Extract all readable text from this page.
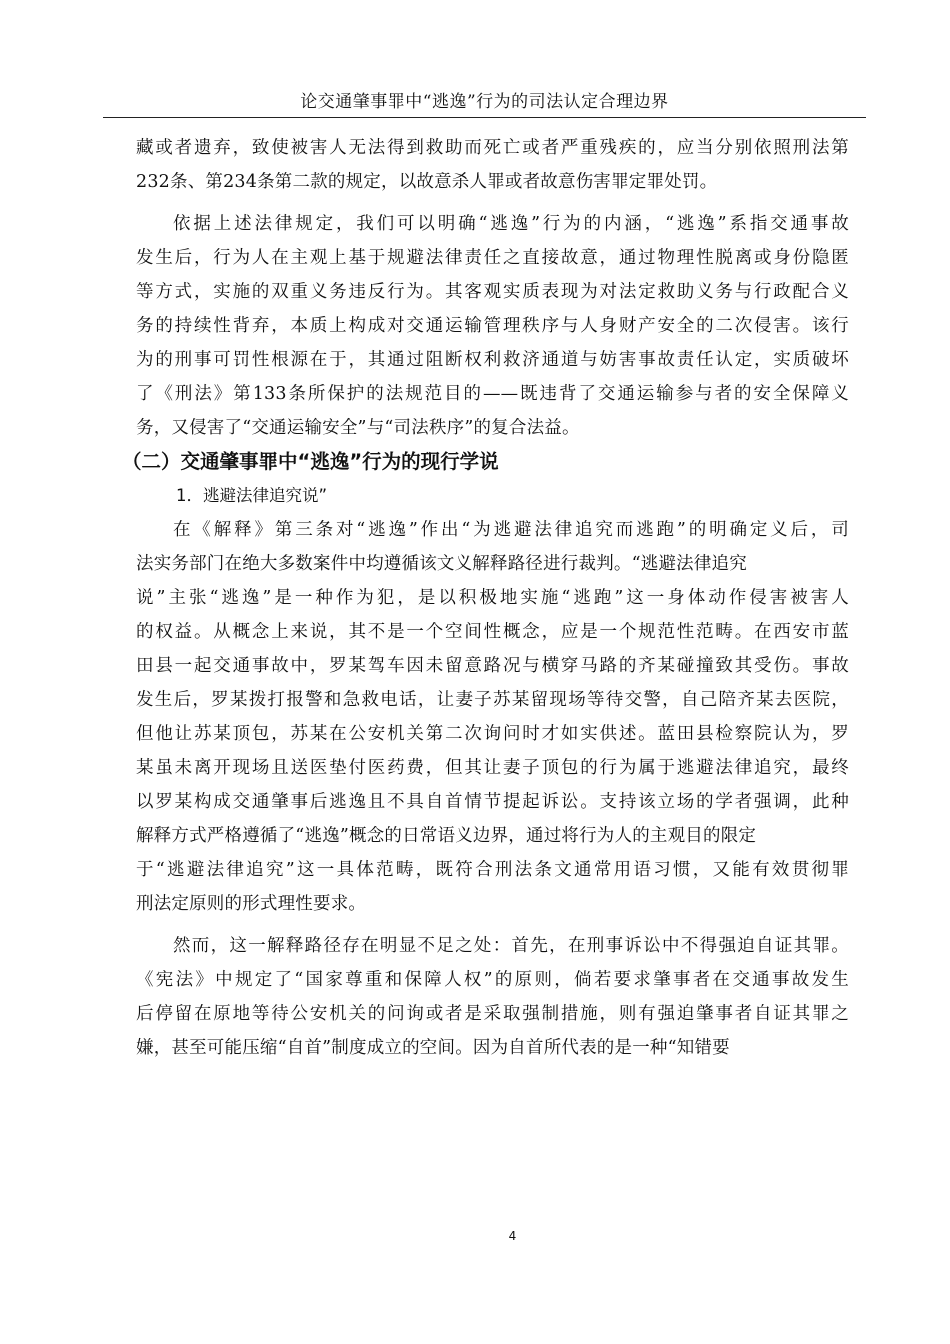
论交通肇事罪中“逃逸”行为的司法认定合理边界
藏或者遗弃，致使被害人无法得到救助而死亡或者严重残疾的，应当分别依照刑法第
232条、第234条第二款的规定，以故意杀人罪或者故意伤害罪定罪处罚。
依据上述法律规定，我们可以明确“逃逸”行为的内涵，“逃逸”系指交通事故
发生后，行为人在主观上基于规避法律责任之直接故意，通过物理性脱离或身份隐匿
等方式，实施的双重义务违反行为。其客观实质表现为对法定救助义务与行政配合义
务的持续性背弃，本质上构成对交通运输管理秩序与人身财产安全的二次侵害。该行
为的刑事可罚性根源在于，其通过阻断权利救济通道与妨害事故责任认定，实质破坏
了《刑法》第133条所保护的法规范目的——既违背了交通运输参与者的安全保障义
务，又侵害了“交通运输安全”与“司法秩序”的复合法益。
（二）交通肇事罪中“逃逸”行为的现行学说
1．逃避法律追究说”
在《解释》第三条对“逃逸”作出“为逃避法律追究而逃跑”的明确定义后，司
法实务部门在绝大多数案件中均遵循该文义解释路径进行裁判。“逃避法律追究
说”主张“逃逸”是一种作为犯，是以积极地实施“逃跑”这一身体动作侵害被害人
的权益。从概念上来说，其不是一个空间性概念，应是一个规范性范畴。在西安市蓝
田县一起交通事故中，罗某驾车因未留意路况与横穿马路的齐某碰撞致其受伤。事故
发生后，罗某拨打报警和急救电话，让妻子苏某留现场等待交警，自己陪齐某去医院，
但他让苏某顶包，苏某在公安机关第二次询问时才如实供述。蓝田县检察院认为，罗
某虽未离开现场且送医垫付医药费，但其让妻子顶包的行为属于逃避法律追究，最终
以罗某构成交通肇事后逃逸且不具自首情节提起诉讼。支持该立场的学者强调，此种
解释方式严格遵循了“逃逸”概念的日常语义边界，通过将行为人的主观目的限定
于“逃避法律追究”这一具体范畴，既符合刑法条文通常用语习惯，又能有效贯彻罪
刑法定原则的形式理性要求。
然而，这一解释路径存在明显不足之处：首先，在刑事诉讼中不得强迫自证其罪。
《宪法》中规定了“国家尊重和保障人权”的原则，倘若要求肇事者在交通事故发生
后停留在原地等待公安机关的问询或者是采取强制措施，则有强迫肇事者自证其罪之
嫌，甚至可能压缩“自首”制度成立的空间。因为自首所代表的是一种“知错要
4
